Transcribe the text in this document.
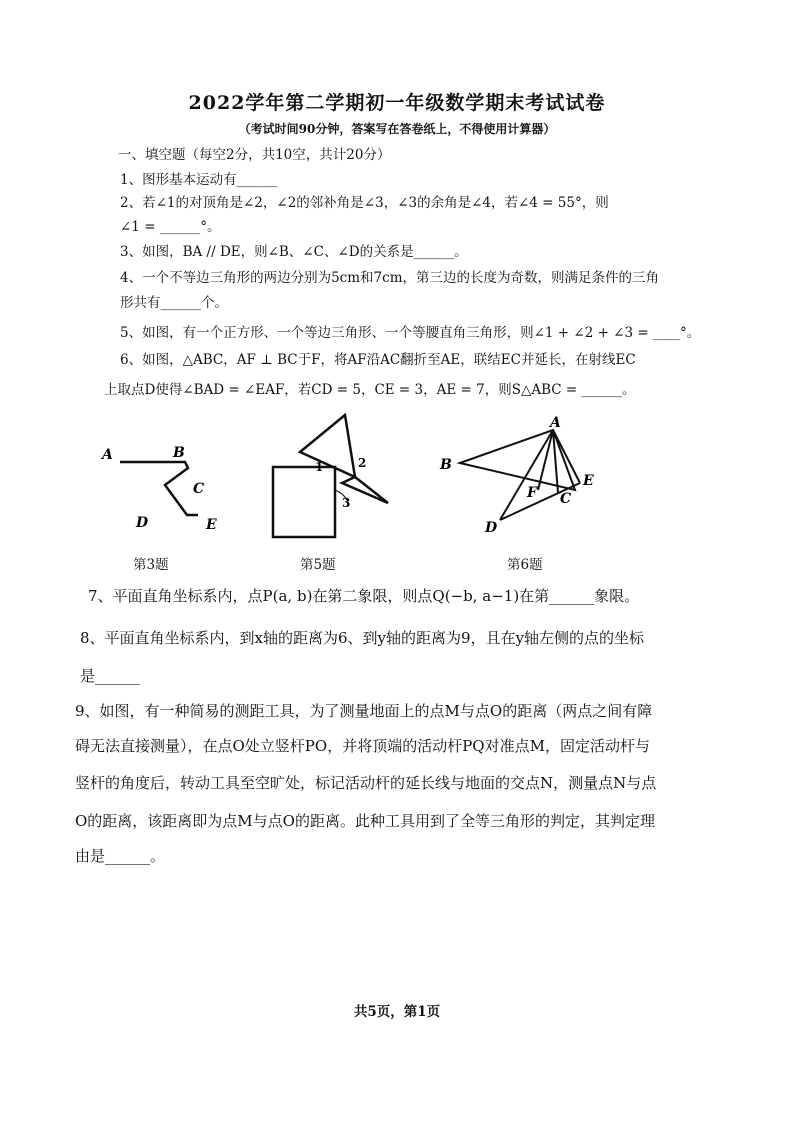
2022学年第二学期初一年级数学期末考试试卷
（考试时间90分钟，答案写在答卷纸上，不得使用计算器）
一、填空题（每空2分，共10空，共计20分）
1、图形基本运动有______
2、若∠1的对顶角是∠2，∠2的邻补角是∠3，∠3的余角是∠4，若∠4 = 55°，则
∠1 = ______°。
3、如图，BA // DE，则∠B、∠C、∠D的关系是______。
4、一个不等边三角形的两边分别为5cm和7cm，第三边的长度为奇数，则满足条件的三角
形共有______个。
5、如图，有一个正方形、一个等边三角形、一个等腰直角三角形，则∠1 + ∠2 + ∠3 = ____°。
6、如图，△ABC，AF ⊥ BC于F，将AF沿AC翻折至AE，联结EC并延长，在射线EC
上取点D使得∠BAD = ∠EAF，若CD = 5，CE = 3，AE = 7，则S△ABC = ______。
A	B
C
D	E
1	2
3
B
A
E
F C
D
第3题	第5题	第6题
7、平面直角坐标系内，点P(a, b)在第二象限，则点Q(−b, a−1)在第______象限。
8、平面直角坐标系内，到x轴的距离为6、到y轴的距离为9，且在y轴左侧的点的坐标
是______
9、如图，有一种简易的测距工具，为了测量地面上的点M与点O的距离（两点之间有障
碍无法直接测量），在点O处立竖杆PO，并将顶端的活动杆PQ对准点M，固定活动杆与
竖杆的角度后，转动工具至空旷处，标记活动杆的延长线与地面的交点N，测量点N与点
O的距离，该距离即为点M与点O的距离。此种工具用到了全等三角形的判定，其判定理
由是______。
共5页，第1页
